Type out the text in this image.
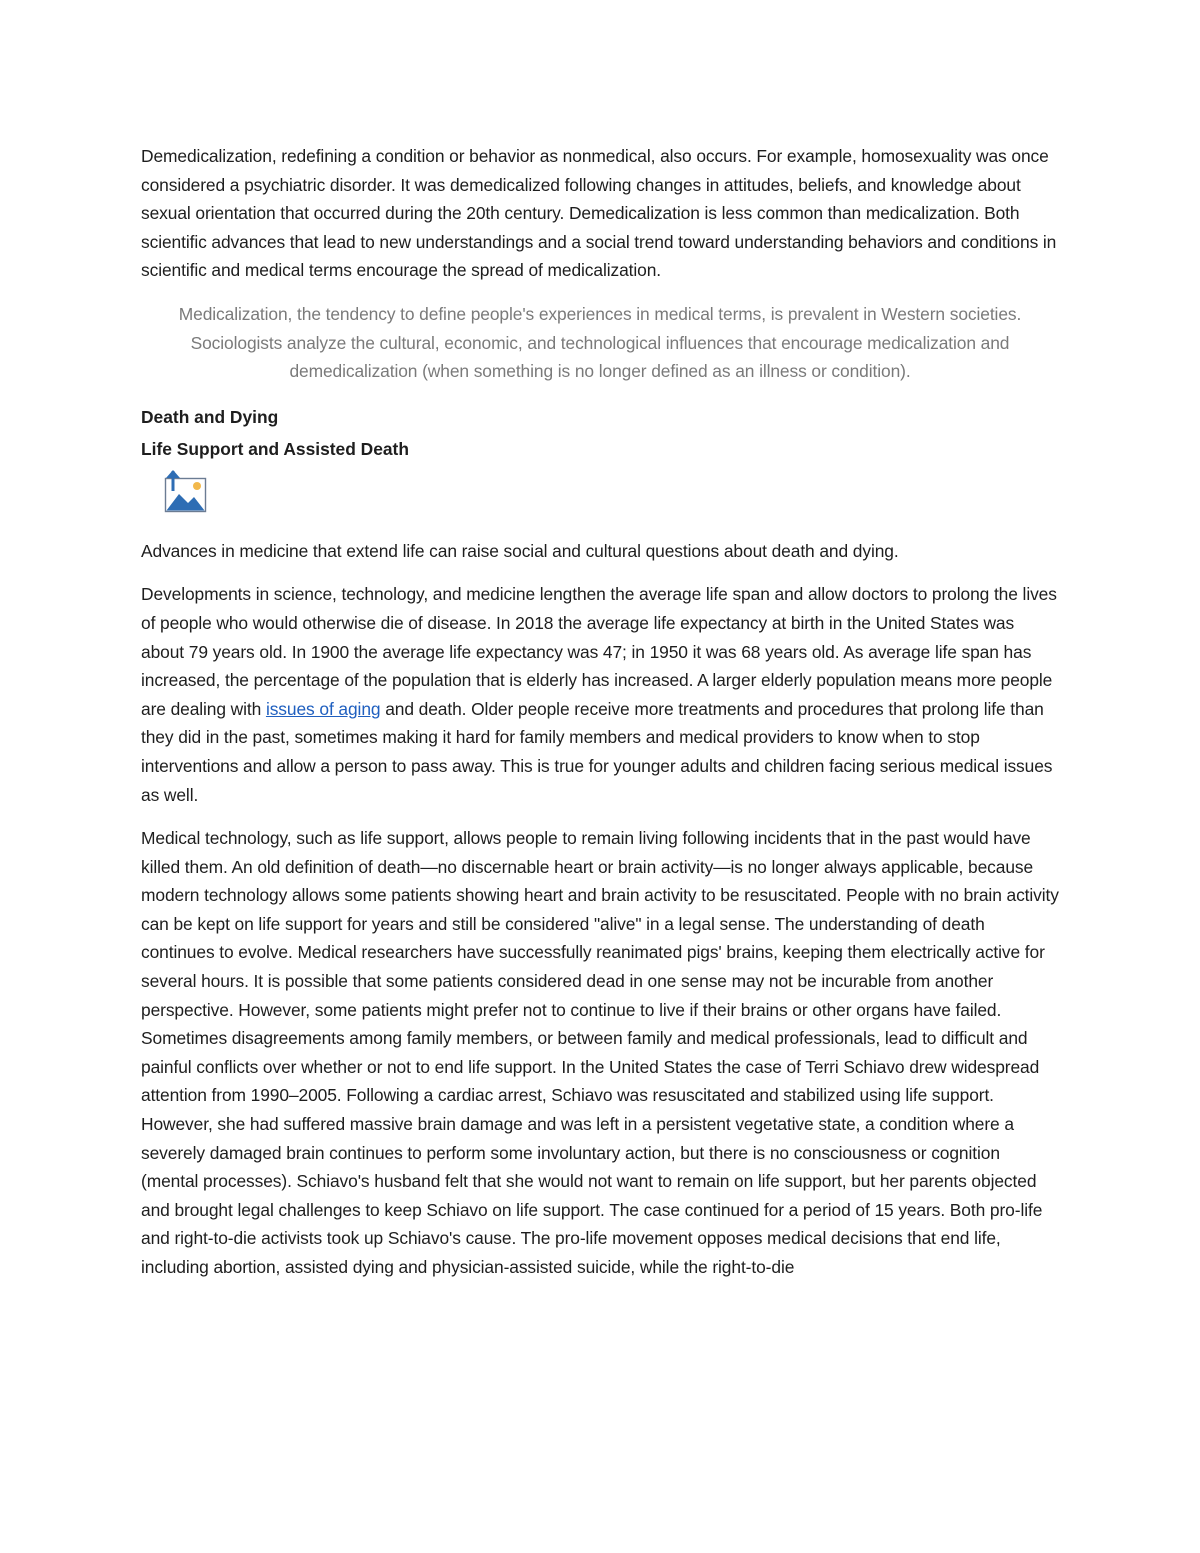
Demedicalization, redefining a condition or behavior as nonmedical, also occurs. For example, homosexuality was once considered a psychiatric disorder. It was demedicalized following changes in attitudes, beliefs, and knowledge about sexual orientation that occurred during the 20th century. Demedicalization is less common than medicalization. Both scientific advances that lead to new understandings and a social trend toward understanding behaviors and conditions in scientific and medical terms encourage the spread of medicalization.

Medicalization, the tendency to define people's experiences in medical terms, is prevalent in Western societies. Sociologists analyze the cultural, economic, and technological influences that encourage medicalization and demedicalization (when something is no longer defined as an illness or condition).

Death and Dying
Life Support and Assisted Death

Advances in medicine that extend life can raise social and cultural questions about death and dying.

Developments in science, technology, and medicine lengthen the average life span and allow doctors to prolong the lives of people who would otherwise die of disease. In 2018 the average life expectancy at birth in the United States was about 79 years old. In 1900 the average life expectancy was 47; in 1950 it was 68 years old. As average life span has increased, the percentage of the population that is elderly has increased. A larger elderly population means more people are dealing with issues of aging and death. Older people receive more treatments and procedures that prolong life than they did in the past, sometimes making it hard for family members and medical providers to know when to stop interventions and allow a person to pass away. This is true for younger adults and children facing serious medical issues as well.

Medical technology, such as life support, allows people to remain living following incidents that in the past would have killed them. An old definition of death—no discernable heart or brain activity—is no longer always applicable, because modern technology allows some patients showing heart and brain activity to be resuscitated. People with no brain activity can be kept on life support for years and still be considered "alive" in a legal sense. The understanding of death continues to evolve. Medical researchers have successfully reanimated pigs' brains, keeping them electrically active for several hours. It is possible that some patients considered dead in one sense may not be incurable from another perspective. However, some patients might prefer not to continue to live if their brains or other organs have failed. Sometimes disagreements among family members, or between family and medical professionals, lead to difficult and painful conflicts over whether or not to end life support. In the United States the case of Terri Schiavo drew widespread attention from 1990–2005. Following a cardiac arrest, Schiavo was resuscitated and stabilized using life support. However, she had suffered massive brain damage and was left in a persistent vegetative state, a condition where a severely damaged brain continues to perform some involuntary action, but there is no consciousness or cognition (mental processes). Schiavo's husband felt that she would not want to remain on life support, but her parents objected and brought legal challenges to keep Schiavo on life support. The case continued for a period of 15 years. Both pro-life and right-to-die activists took up Schiavo's cause. The pro-life movement opposes medical decisions that end life, including abortion, assisted dying and physician-assisted suicide, while the right-to-die
